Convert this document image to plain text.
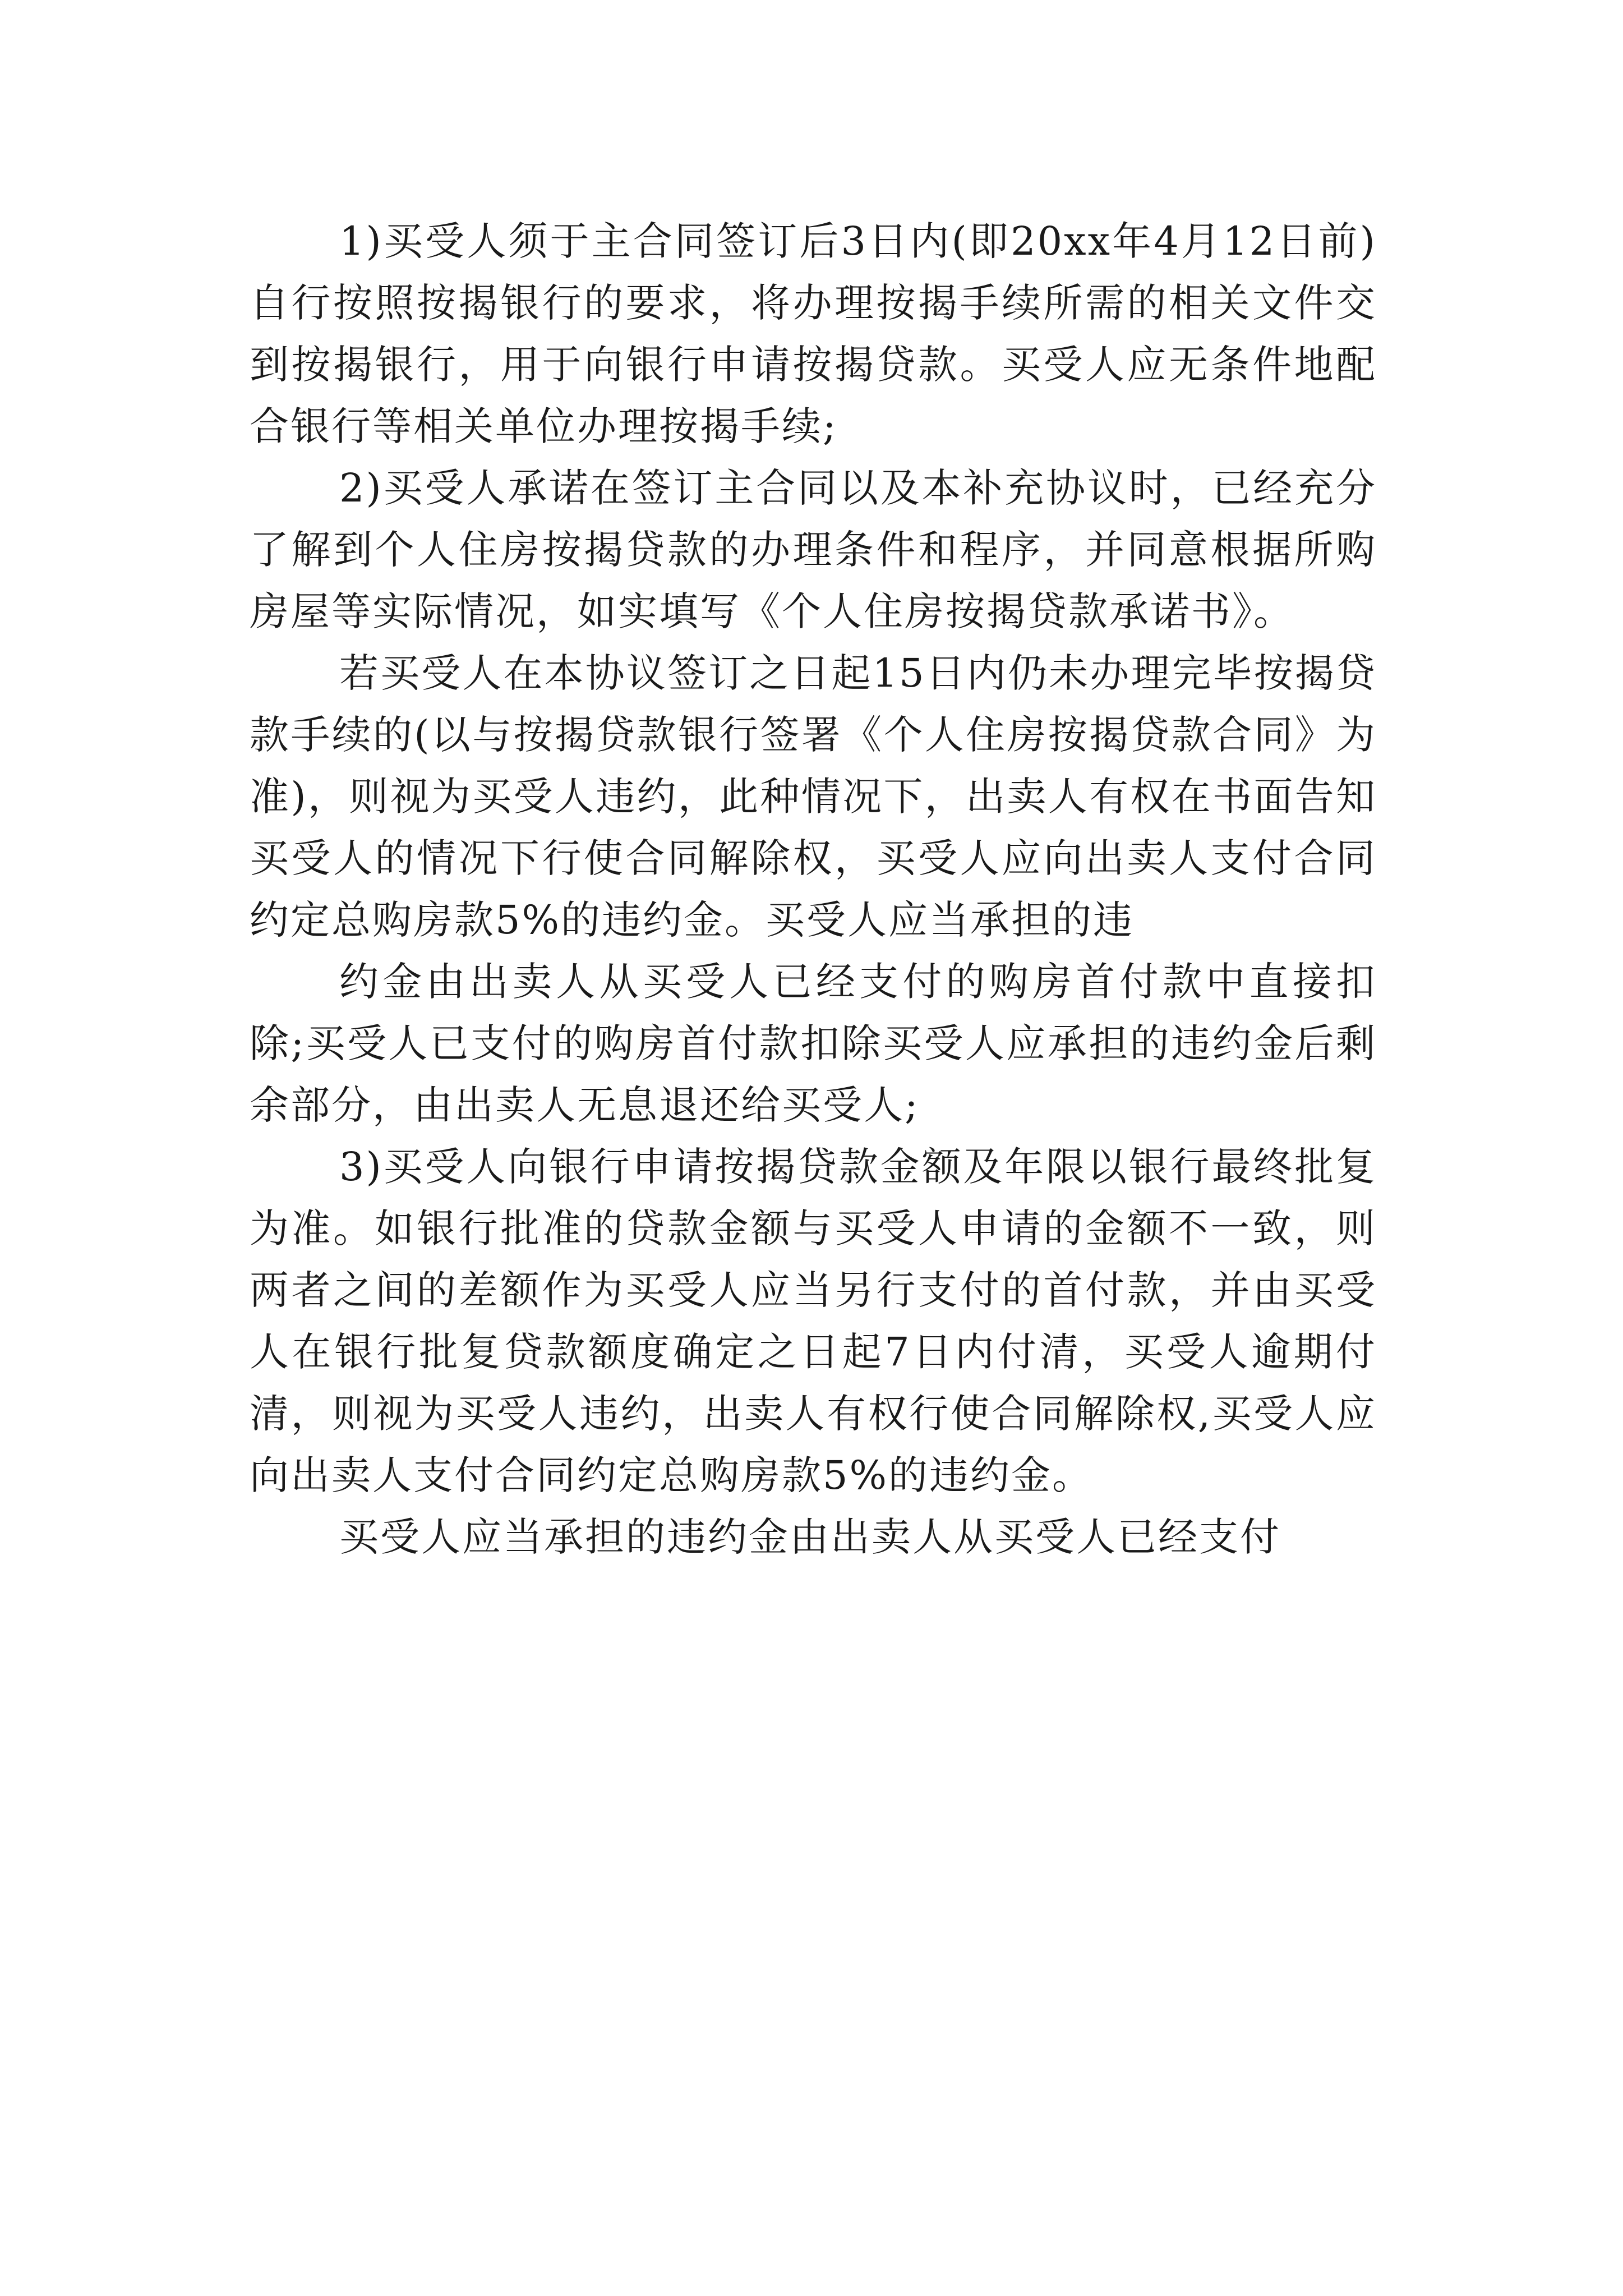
1)买受人须于主合同签订后3日内(即20xx年4月12日前)自行按照按揭银行的要求，将办理按揭手续所需的相关文件交到按揭银行，用于向银行申请按揭贷款。买受人应无条件地配合银行等相关单位办理按揭手续;

2)买受人承诺在签订主合同以及本补充协议时，已经充分了解到个人住房按揭贷款的办理条件和程序，并同意根据所购房屋等实际情况，如实填写《个人住房按揭贷款承诺书》。

若买受人在本协议签订之日起15日内仍未办理完毕按揭贷款手续的(以与按揭贷款银行签署《个人住房按揭贷款合同》为准)，则视为买受人违约，此种情况下，出卖人有权在书面告知买受人的情况下行使合同解除权，买受人应向出卖人支付合同约定总购房款5%的违约金。买受人应当承担的违

约金由出卖人从买受人已经支付的购房首付款中直接扣除;买受人已支付的购房首付款扣除买受人应承担的违约金后剩余部分，由出卖人无息退还给买受人;

3)买受人向银行申请按揭贷款金额及年限以银行最终批复为准。如银行批准的贷款金额与买受人申请的金额不一致，则两者之间的差额作为买受人应当另行支付的首付款，并由买受人在银行批复贷款额度确定之日起7日内付清，买受人逾期付清，则视为买受人违约，出卖人有权行使合同解除权,买受人应向出卖人支付合同约定总购房款5%的违约金。

买受人应当承担的违约金由出卖人从买受人已经支付
